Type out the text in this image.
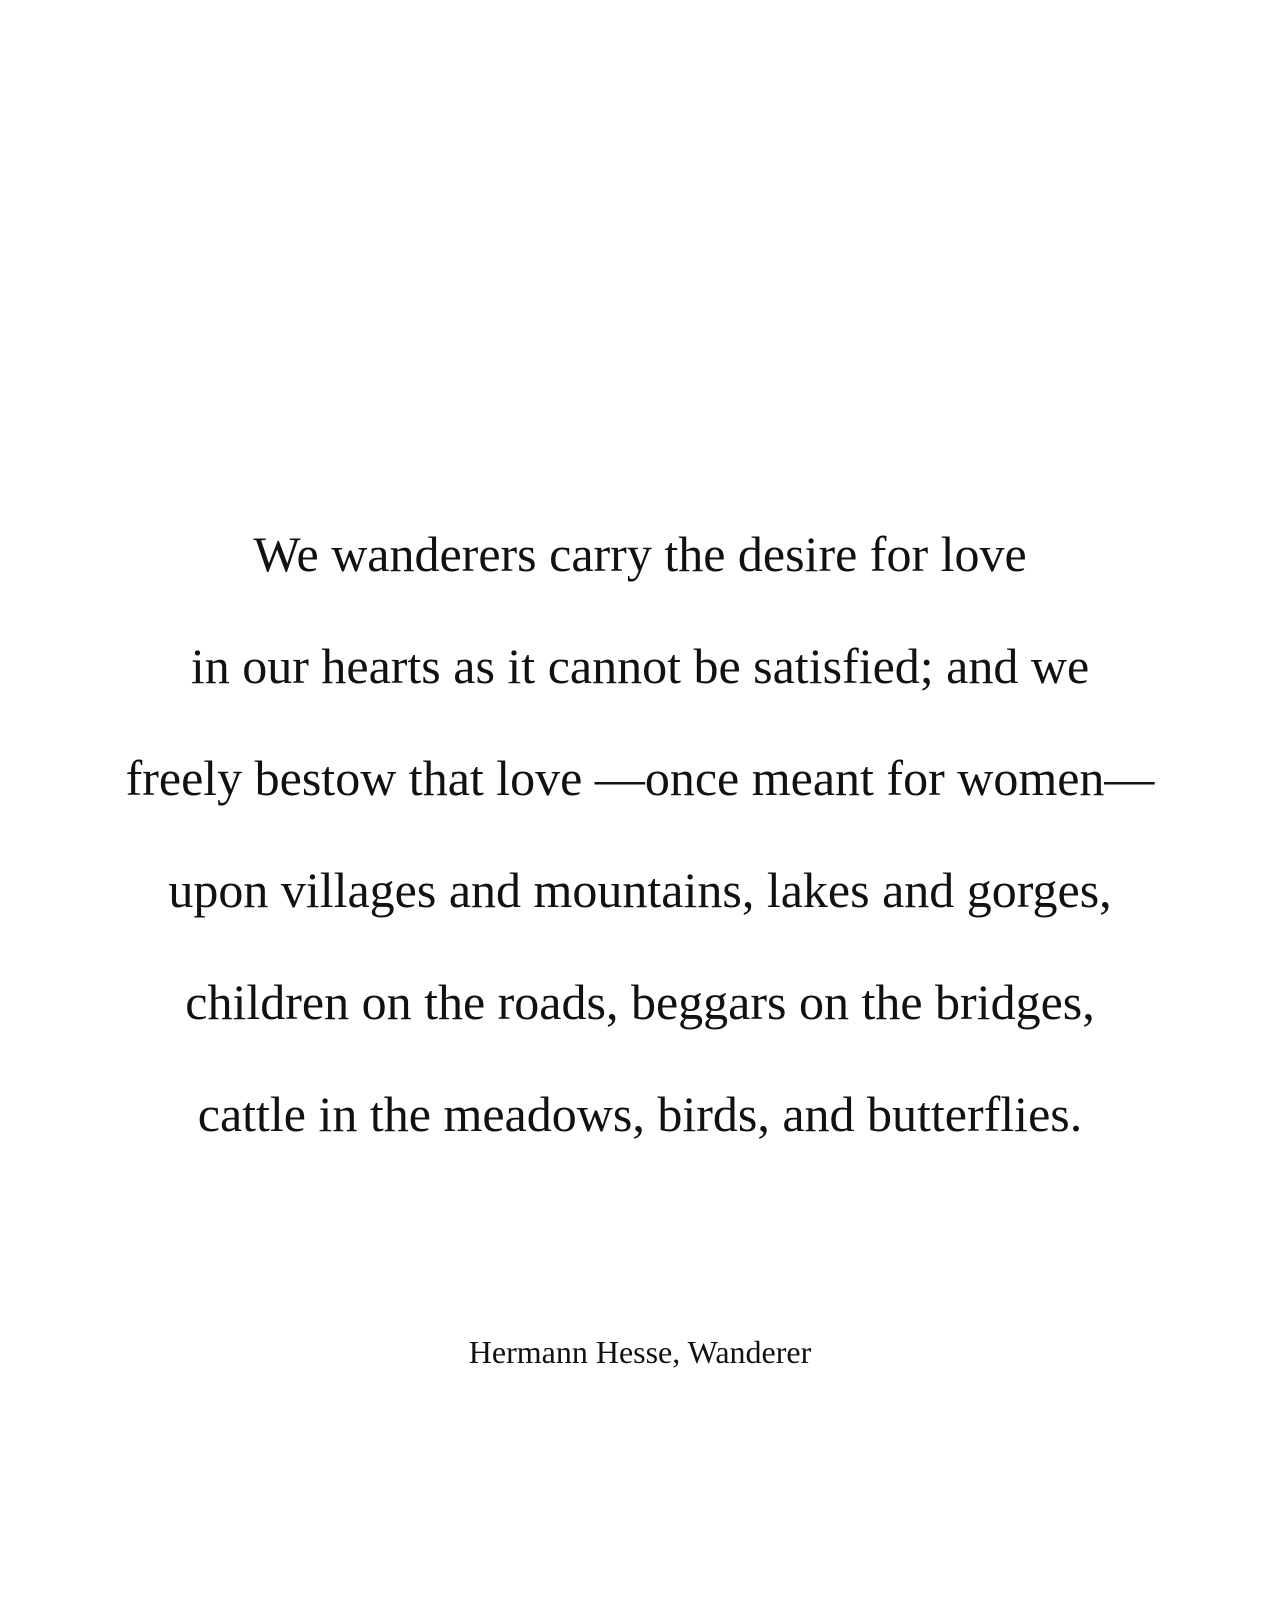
We wanderers carry the desire for love
in our hearts as it cannot be satisfied; and we
freely bestow that love —once meant for women—
upon villages and mountains, lakes and gorges,
children on the roads, beggars on the bridges,
cattle in the meadows, birds, and butterflies.
Hermann Hesse, Wanderer
